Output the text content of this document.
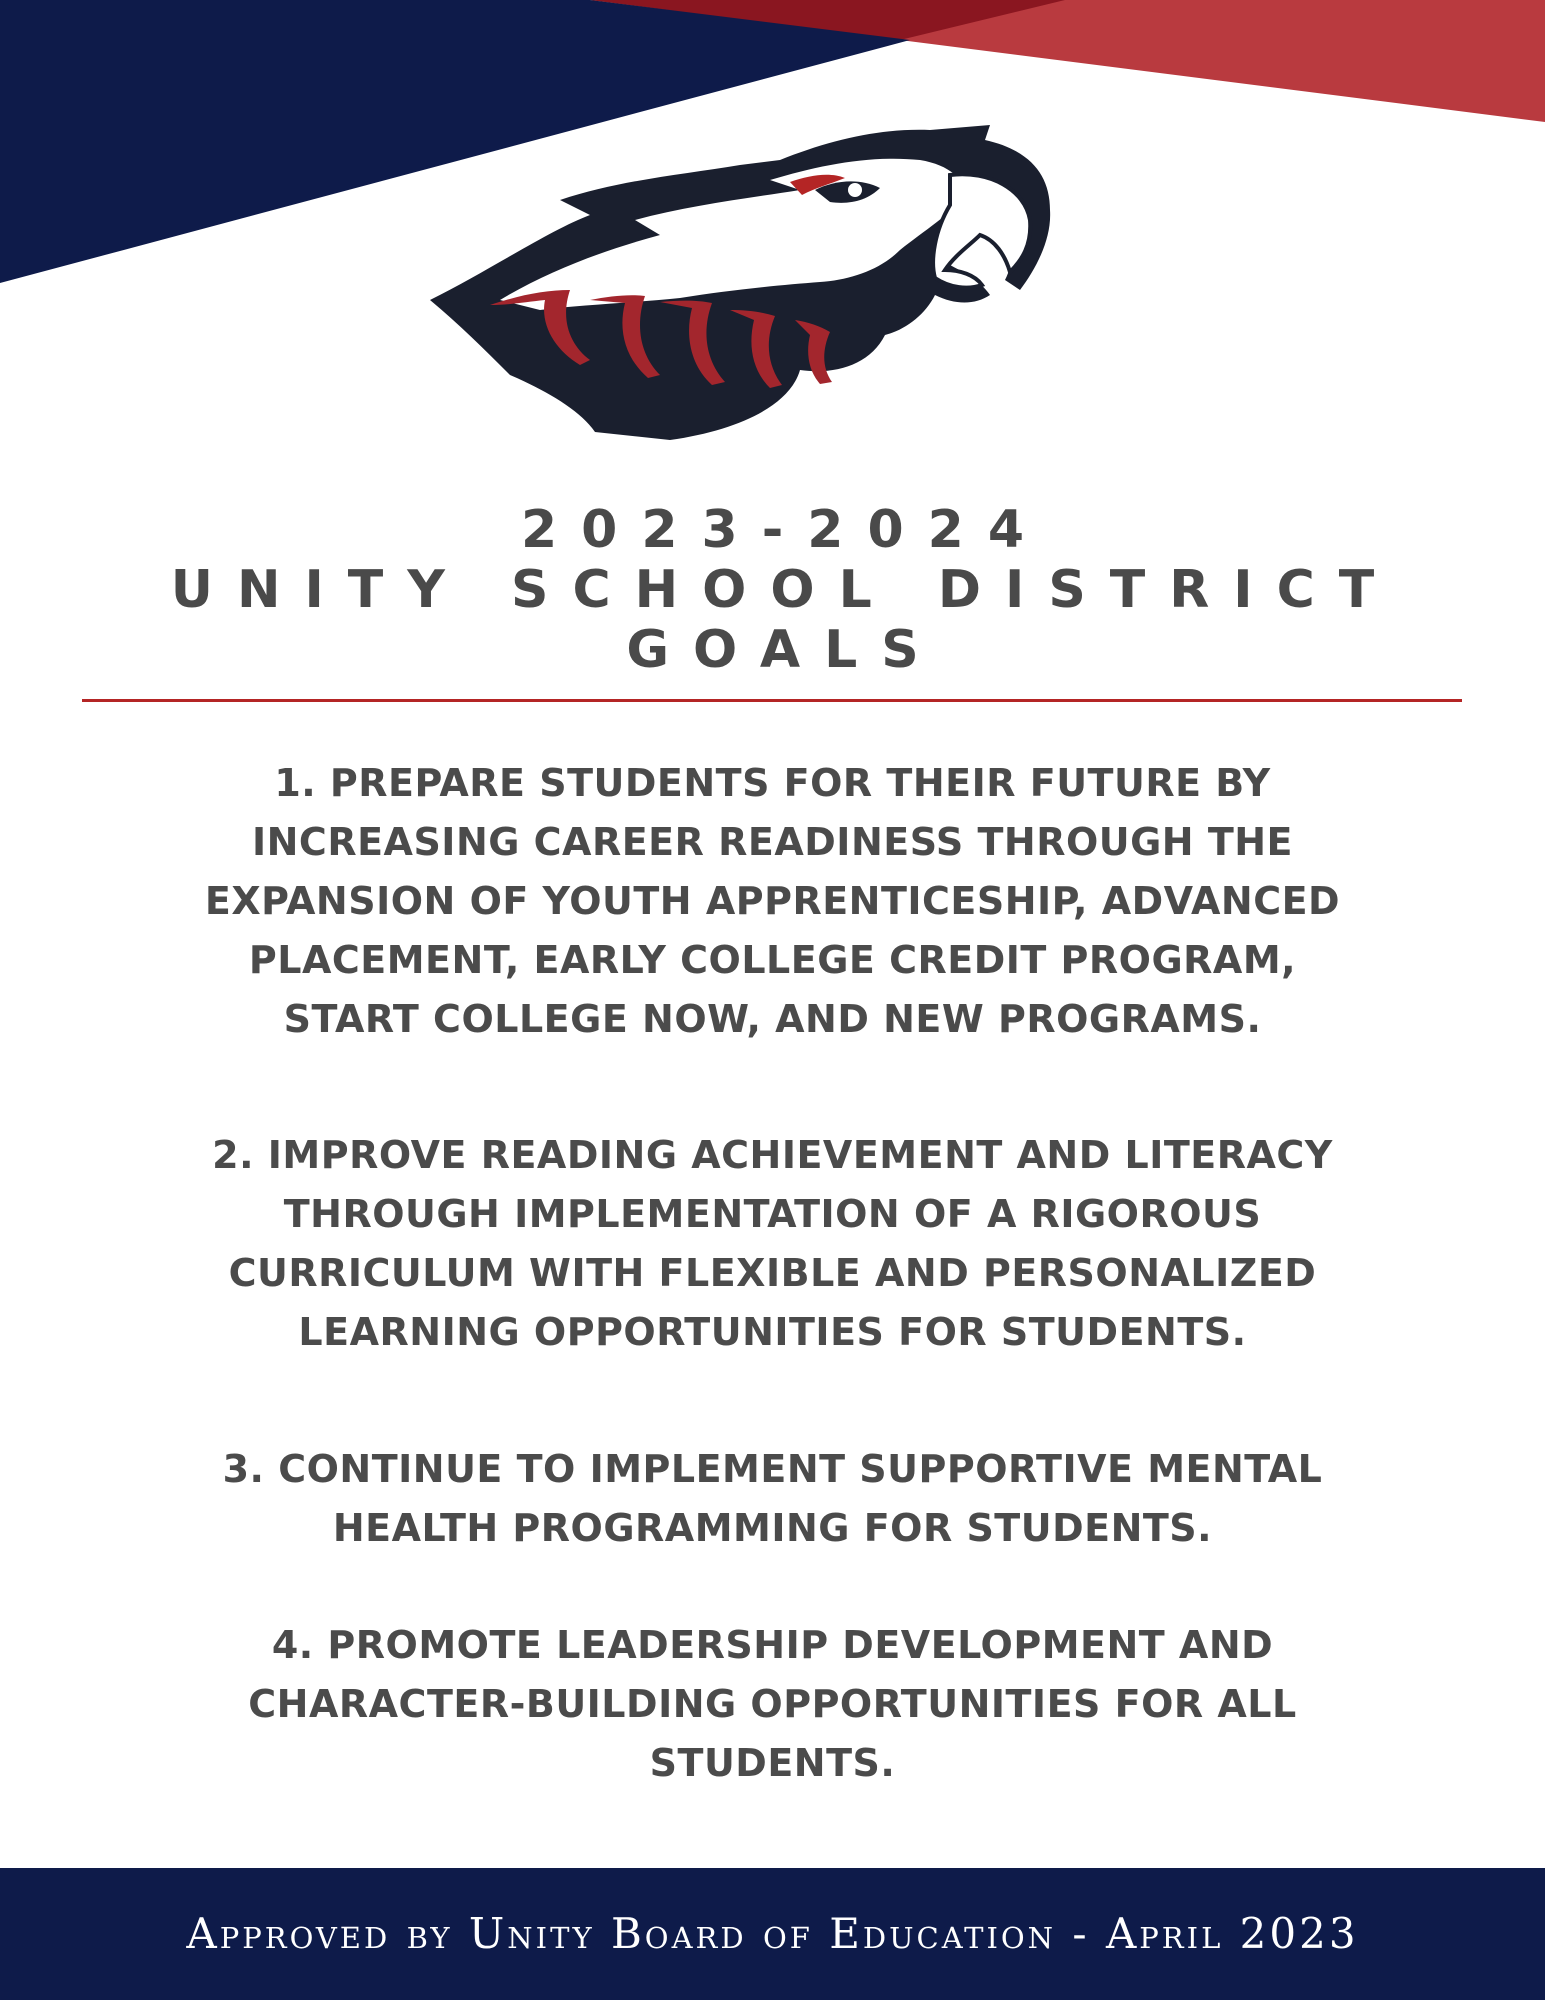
2023-2024
UNITY SCHOOL DISTRICT
GOALS
1. PREPARE STUDENTS FOR THEIR FUTURE BY
INCREASING CAREER READINESS THROUGH THE
EXPANSION OF YOUTH APPRENTICESHIP, ADVANCED
PLACEMENT, EARLY COLLEGE CREDIT PROGRAM,
START COLLEGE NOW, AND NEW PROGRAMS.
2. IMPROVE READING ACHIEVEMENT AND LITERACY
THROUGH IMPLEMENTATION OF A RIGOROUS
CURRICULUM WITH FLEXIBLE AND PERSONALIZED
LEARNING OPPORTUNITIES FOR STUDENTS.
3. CONTINUE TO IMPLEMENT SUPPORTIVE MENTAL
HEALTH PROGRAMMING FOR STUDENTS.
4. PROMOTE LEADERSHIP DEVELOPMENT AND
CHARACTER-BUILDING OPPORTUNITIES FOR ALL
STUDENTS.
Approved by Unity Board of Education - April 2023
